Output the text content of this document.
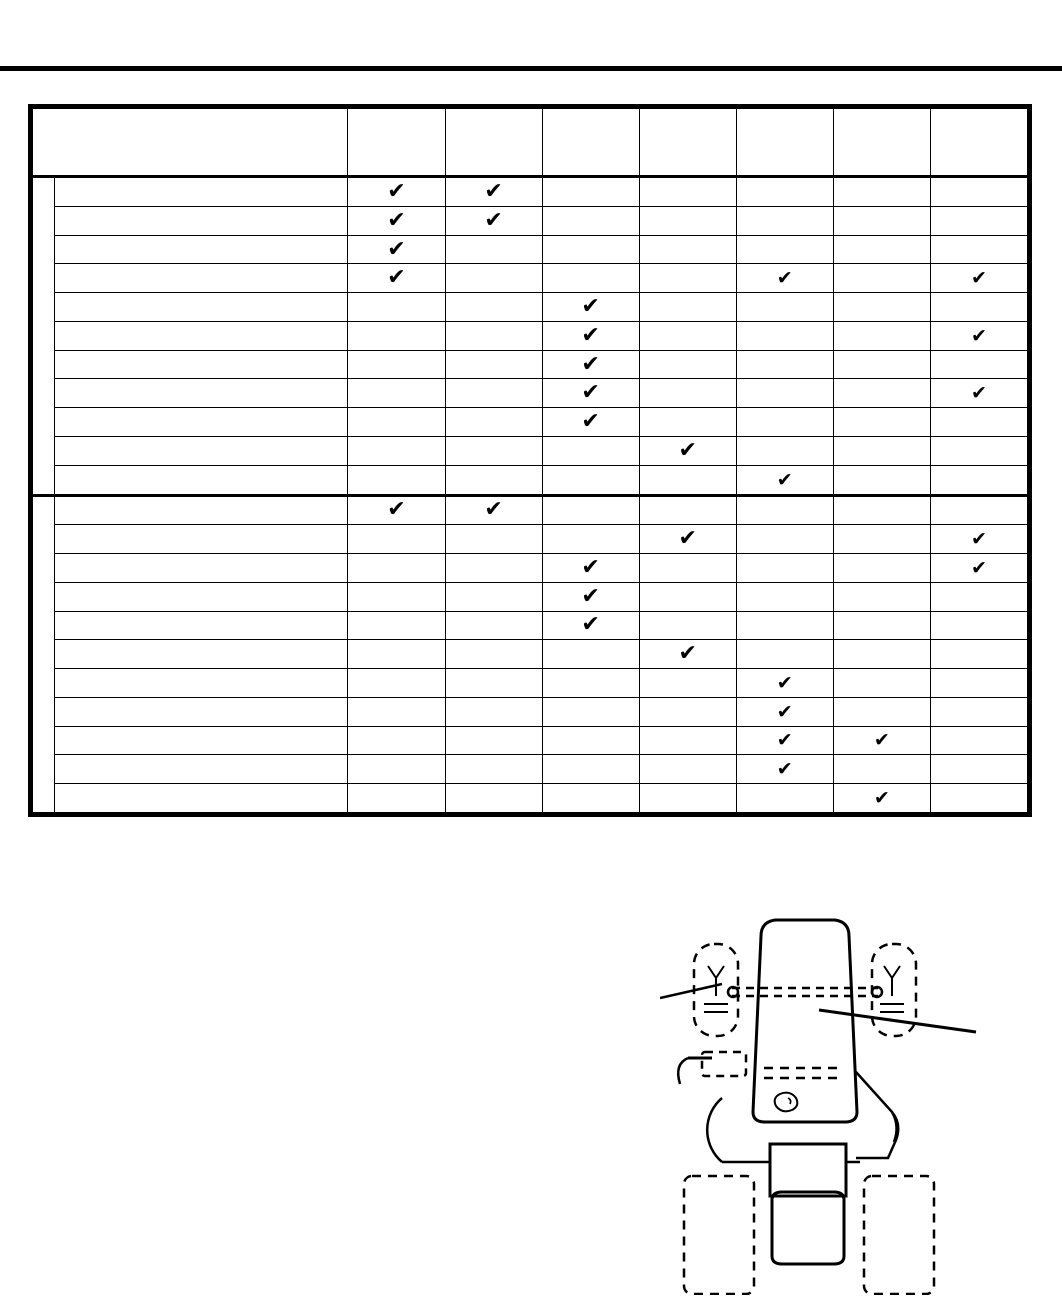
		✔	✔					
		✔	✔					
		✔						
		✔				✔		✔
				✔				
				✔				✔
				✔				
				✔				✔
				✔				
					✔			
						✔		
		✔	✔					
					✔			✔
				✔				✔
				✔				
				✔				
					✔			
						✔		
						✔		
						✔	✔	
						✔		
							✔	
